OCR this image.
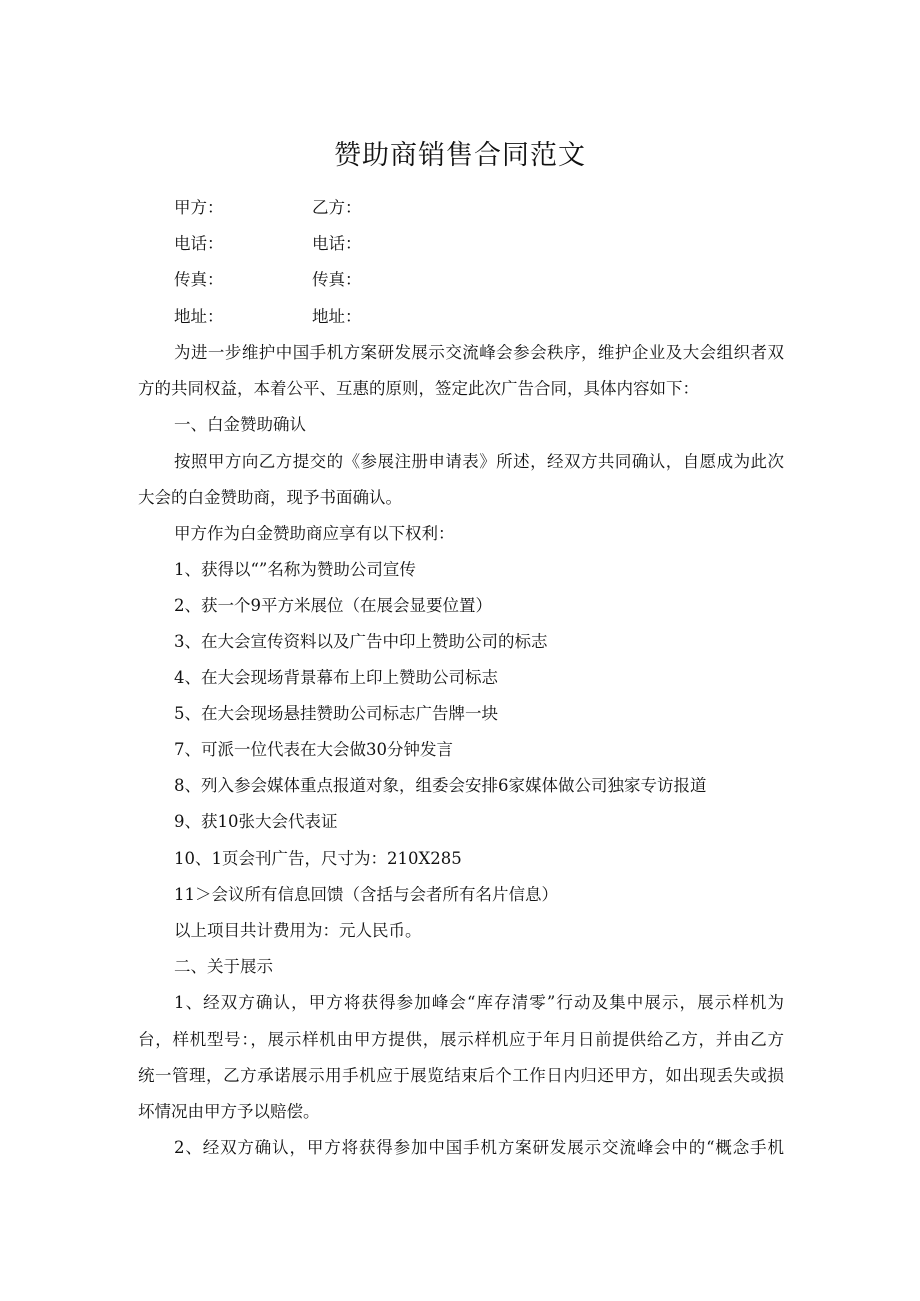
赞助商销售合同范文
甲方：	乙方：
电话：	电话：
传真：	传真：
地址：	地址：
为进一步维护中国手机方案研发展示交流峰会参会秩序，维护企业及大会组织者双
方的共同权益，本着公平、互惠的原则，签定此次广告合同，具体内容如下：
一、白金赞助确认
按照甲方向乙方提交的《参展注册申请表》所述，经双方共同确认，自愿成为此次
大会的白金赞助商，现予书面确认。
甲方作为白金赞助商应享有以下权利：
1、获得以“”名称为赞助公司宣传
2、获一个9平方米展位（在展会显要位置）
3、在大会宣传资料以及广告中印上赞助公司的标志
4、在大会现场背景幕布上印上赞助公司标志
5、在大会现场悬挂赞助公司标志广告牌一块
7、可派一位代表在大会做30分钟发言
8、列入参会媒体重点报道对象，组委会安排6家媒体做公司独家专访报道
9、获10张大会代表证
10、1页会刊广告，尺寸为：210X285
11＞会议所有信息回馈（含括与会者所有名片信息）
以上项目共计费用为：元人民币。
二、关于展示
1、经双方确认，甲方将获得参加峰会“库存清零”行动及集中展示，展示样机为
台，样机型号：，展示样机由甲方提供，展示样机应于年月日前提供给乙方，并由乙方
统一管理，乙方承诺展示用手机应于展览结束后个工作日内归还甲方，如出现丢失或损
坏情况由甲方予以赔偿。
2、经双方确认，甲方将获得参加中国手机方案研发展示交流峰会中的“概念手机
